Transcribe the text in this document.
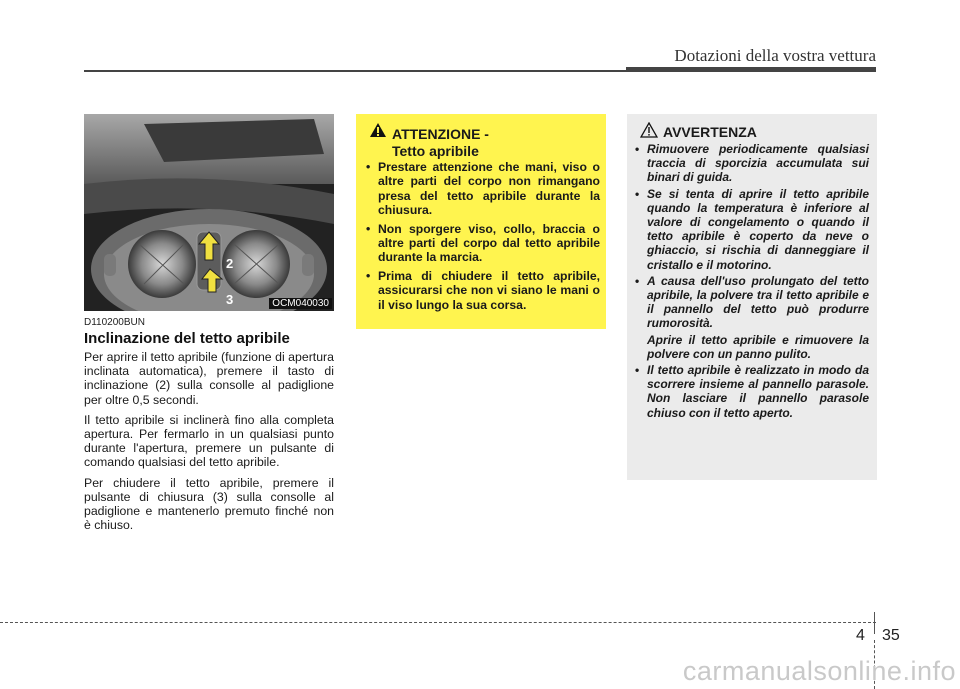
Dotazioni della vostra vettura
OCM040030
2
3
D110200BUN
Inclinazione del tetto apribile

Per aprire il tetto apribile (funzione di apertura inclinata automatica), premere il tasto di inclinazione (2) sulla consolle al padiglione per oltre 0,5 secondi.

Il tetto apribile si inclinerà fino alla completa apertura. Per fermarlo in un qualsiasi punto durante l'apertura, premere un pulsante di comando qualsiasi del tetto apribile.

Per chiudere il tetto apribile, premere il pulsante di chiusura (3) sulla consolle al padiglione e mantenerlo premuto finché non è chiuso.

ATTENZIONE -
Tetto apribile
• Prestare attenzione che mani, viso o altre parti del corpo non rimangano presa del tetto apribile durante la chiusura.
• Non sporgere viso, collo, braccia o altre parti del corpo dal tetto apribile durante la marcia.
• Prima di chiudere il tetto apribile, assicurarsi che non vi siano le mani o il viso lungo la sua corsa.
AVVERTENZA
• Rimuovere periodicamente qualsiasi traccia di sporcizia accumulata sui binari di guida.
• Se si tenta di aprire il tetto apribile quando la temperatura è inferiore al valore di congelamento o quando il tetto apribile è coperto da neve o ghiaccio, si rischia di danneggiare il cristallo e il motorino.
• A causa dell'uso prolungato del tetto apribile, la polvere tra il tetto apribile e il pannello del tetto può produrre rumorosità.
Aprire il tetto apribile e rimuovere la polvere con un panno pulito.
• Il tetto apribile è realizzato in modo da scorrere insieme al pannello parasole. Non lasciare il pannello parasole chiuso con il tetto aperto.
4 35
carmanualsonline.info
